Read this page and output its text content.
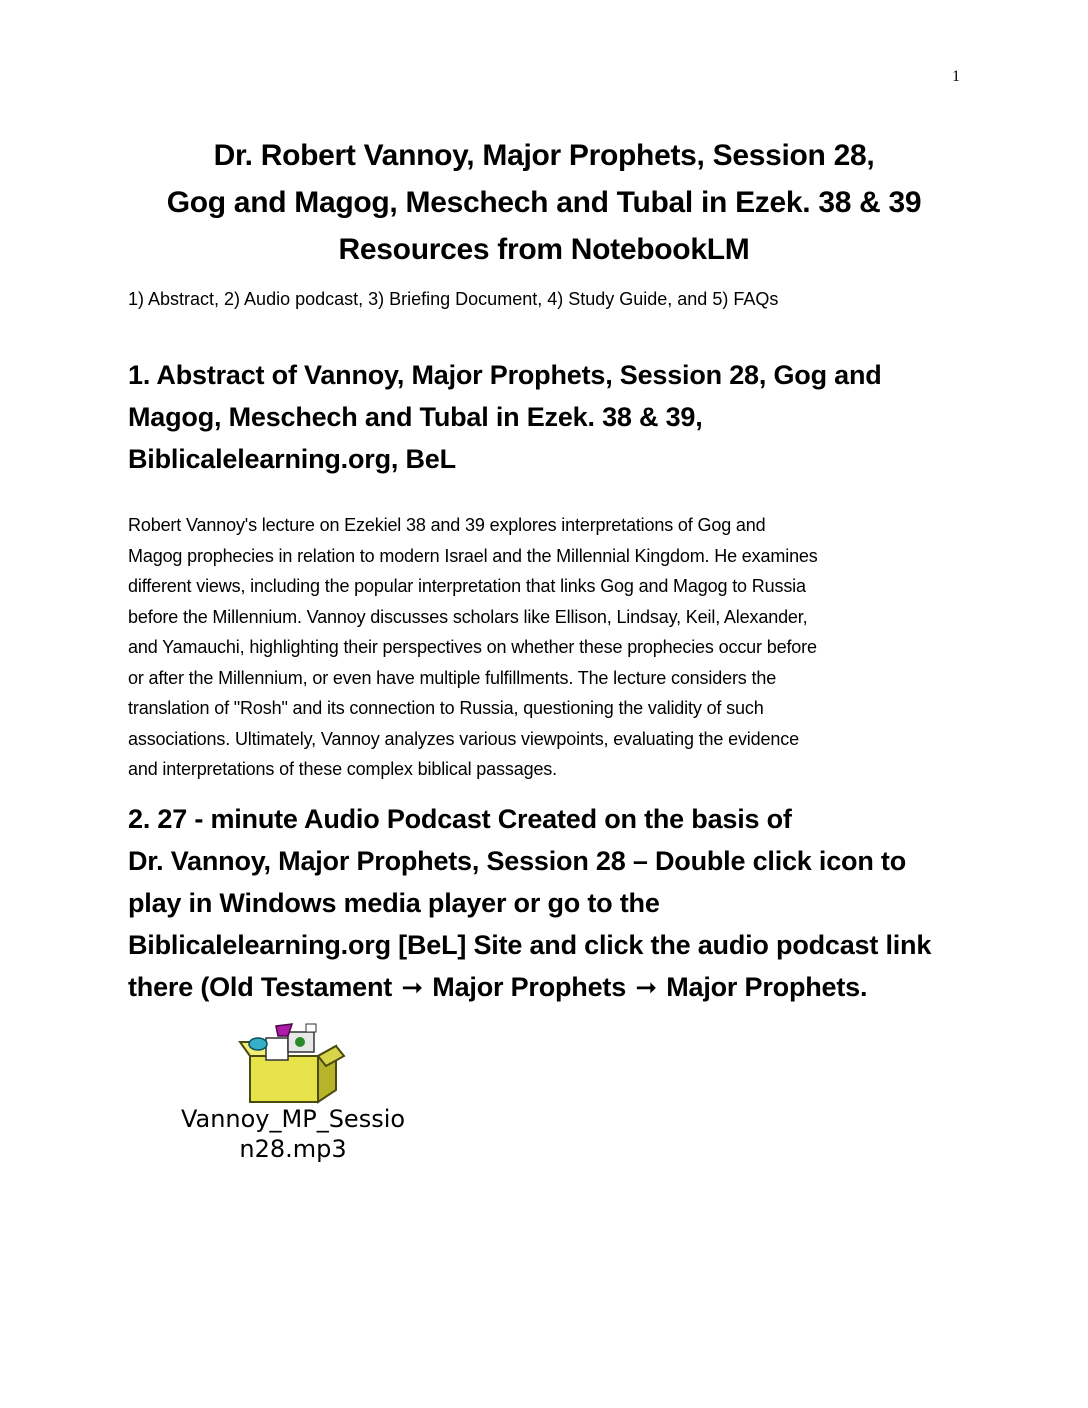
1
Dr. Robert Vannoy, Major Prophets, Session 28,
Gog and Magog, Meschech and Tubal in Ezek. 38 & 39
Resources from NotebookLM
1) Abstract, 2) Audio podcast, 3) Briefing Document, 4) Study Guide, and 5) FAQs
1. Abstract of Vannoy, Major Prophets, Session 28, Gog and
Magog, Meschech and Tubal in Ezek. 38 & 39,
Biblicalelearning.org, BeL
Robert Vannoy's lecture on Ezekiel 38 and 39 explores interpretations of Gog and
Magog prophecies in relation to modern Israel and the Millennial Kingdom. He examines
different views, including the popular interpretation that links Gog and Magog to Russia
before the Millennium. Vannoy discusses scholars like Ellison, Lindsay, Keil, Alexander,
and Yamauchi, highlighting their perspectives on whether these prophecies occur before
or after the Millennium, or even have multiple fulfillments. The lecture considers the
translation of "Rosh" and its connection to Russia, questioning the validity of such
associations. Ultimately, Vannoy analyzes various viewpoints, evaluating the evidence
and interpretations of these complex biblical passages.
2. 27 - minute Audio Podcast Created on the basis of
Dr. Vannoy, Major Prophets, Session 28 – Double click icon to
play in Windows media player or go to the
Biblicalelearning.org [BeL] Site and click the audio podcast link
there (Old Testament ➞ Major Prophets ➞ Major Prophets.
Vannoy_MP_Sessio
n28.mp3
